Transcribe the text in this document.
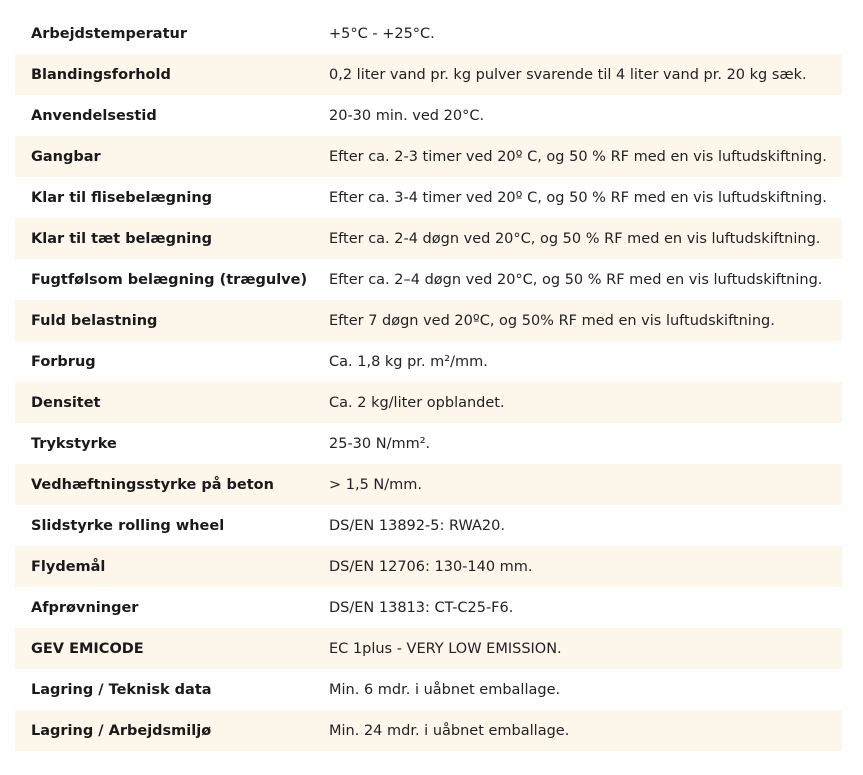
Arbejdstemperatur	+5°C - +25°C.
Blandingsforhold	0,2 liter vand pr. kg pulver svarende til 4 liter vand pr. 20 kg sæk.
Anvendelsestid	20-30 min. ved 20°C.
Gangbar	Efter ca. 2-3 timer ved 20º C, og 50 % RF med en vis luftudskiftning.
Klar til flisebelægning	Efter ca. 3-4 timer ved 20º C, og 50 % RF med en vis luftudskiftning.
Klar til tæt belægning	Efter ca. 2-4 døgn ved 20°C, og 50 % RF med en vis luftudskiftning.
Fugtfølsom belægning (trægulve)	Efter ca. 2–4 døgn ved 20°C, og 50 % RF med en vis luftudskiftning.
Fuld belastning	Efter 7 døgn ved 20ºC, og 50% RF med en vis luftudskiftning.
Forbrug	Ca. 1,8 kg pr. m²/mm.
Densitet	Ca. 2 kg/liter opblandet.
Trykstyrke	25-30 N/mm².
Vedhæftningsstyrke på beton	> 1,5 N/mm.
Slidstyrke rolling wheel	DS/EN 13892-5: RWA20.
Flydemål	DS/EN 12706: 130-140 mm.
Afprøvninger	DS/EN 13813: CT-C25-F6.
GEV EMICODE	EC 1plus - VERY LOW EMISSION.
Lagring / Teknisk data	Min. 6 mdr. i uåbnet emballage.
Lagring / Arbejdsmiljø	Min. 24 mdr. i uåbnet emballage.
